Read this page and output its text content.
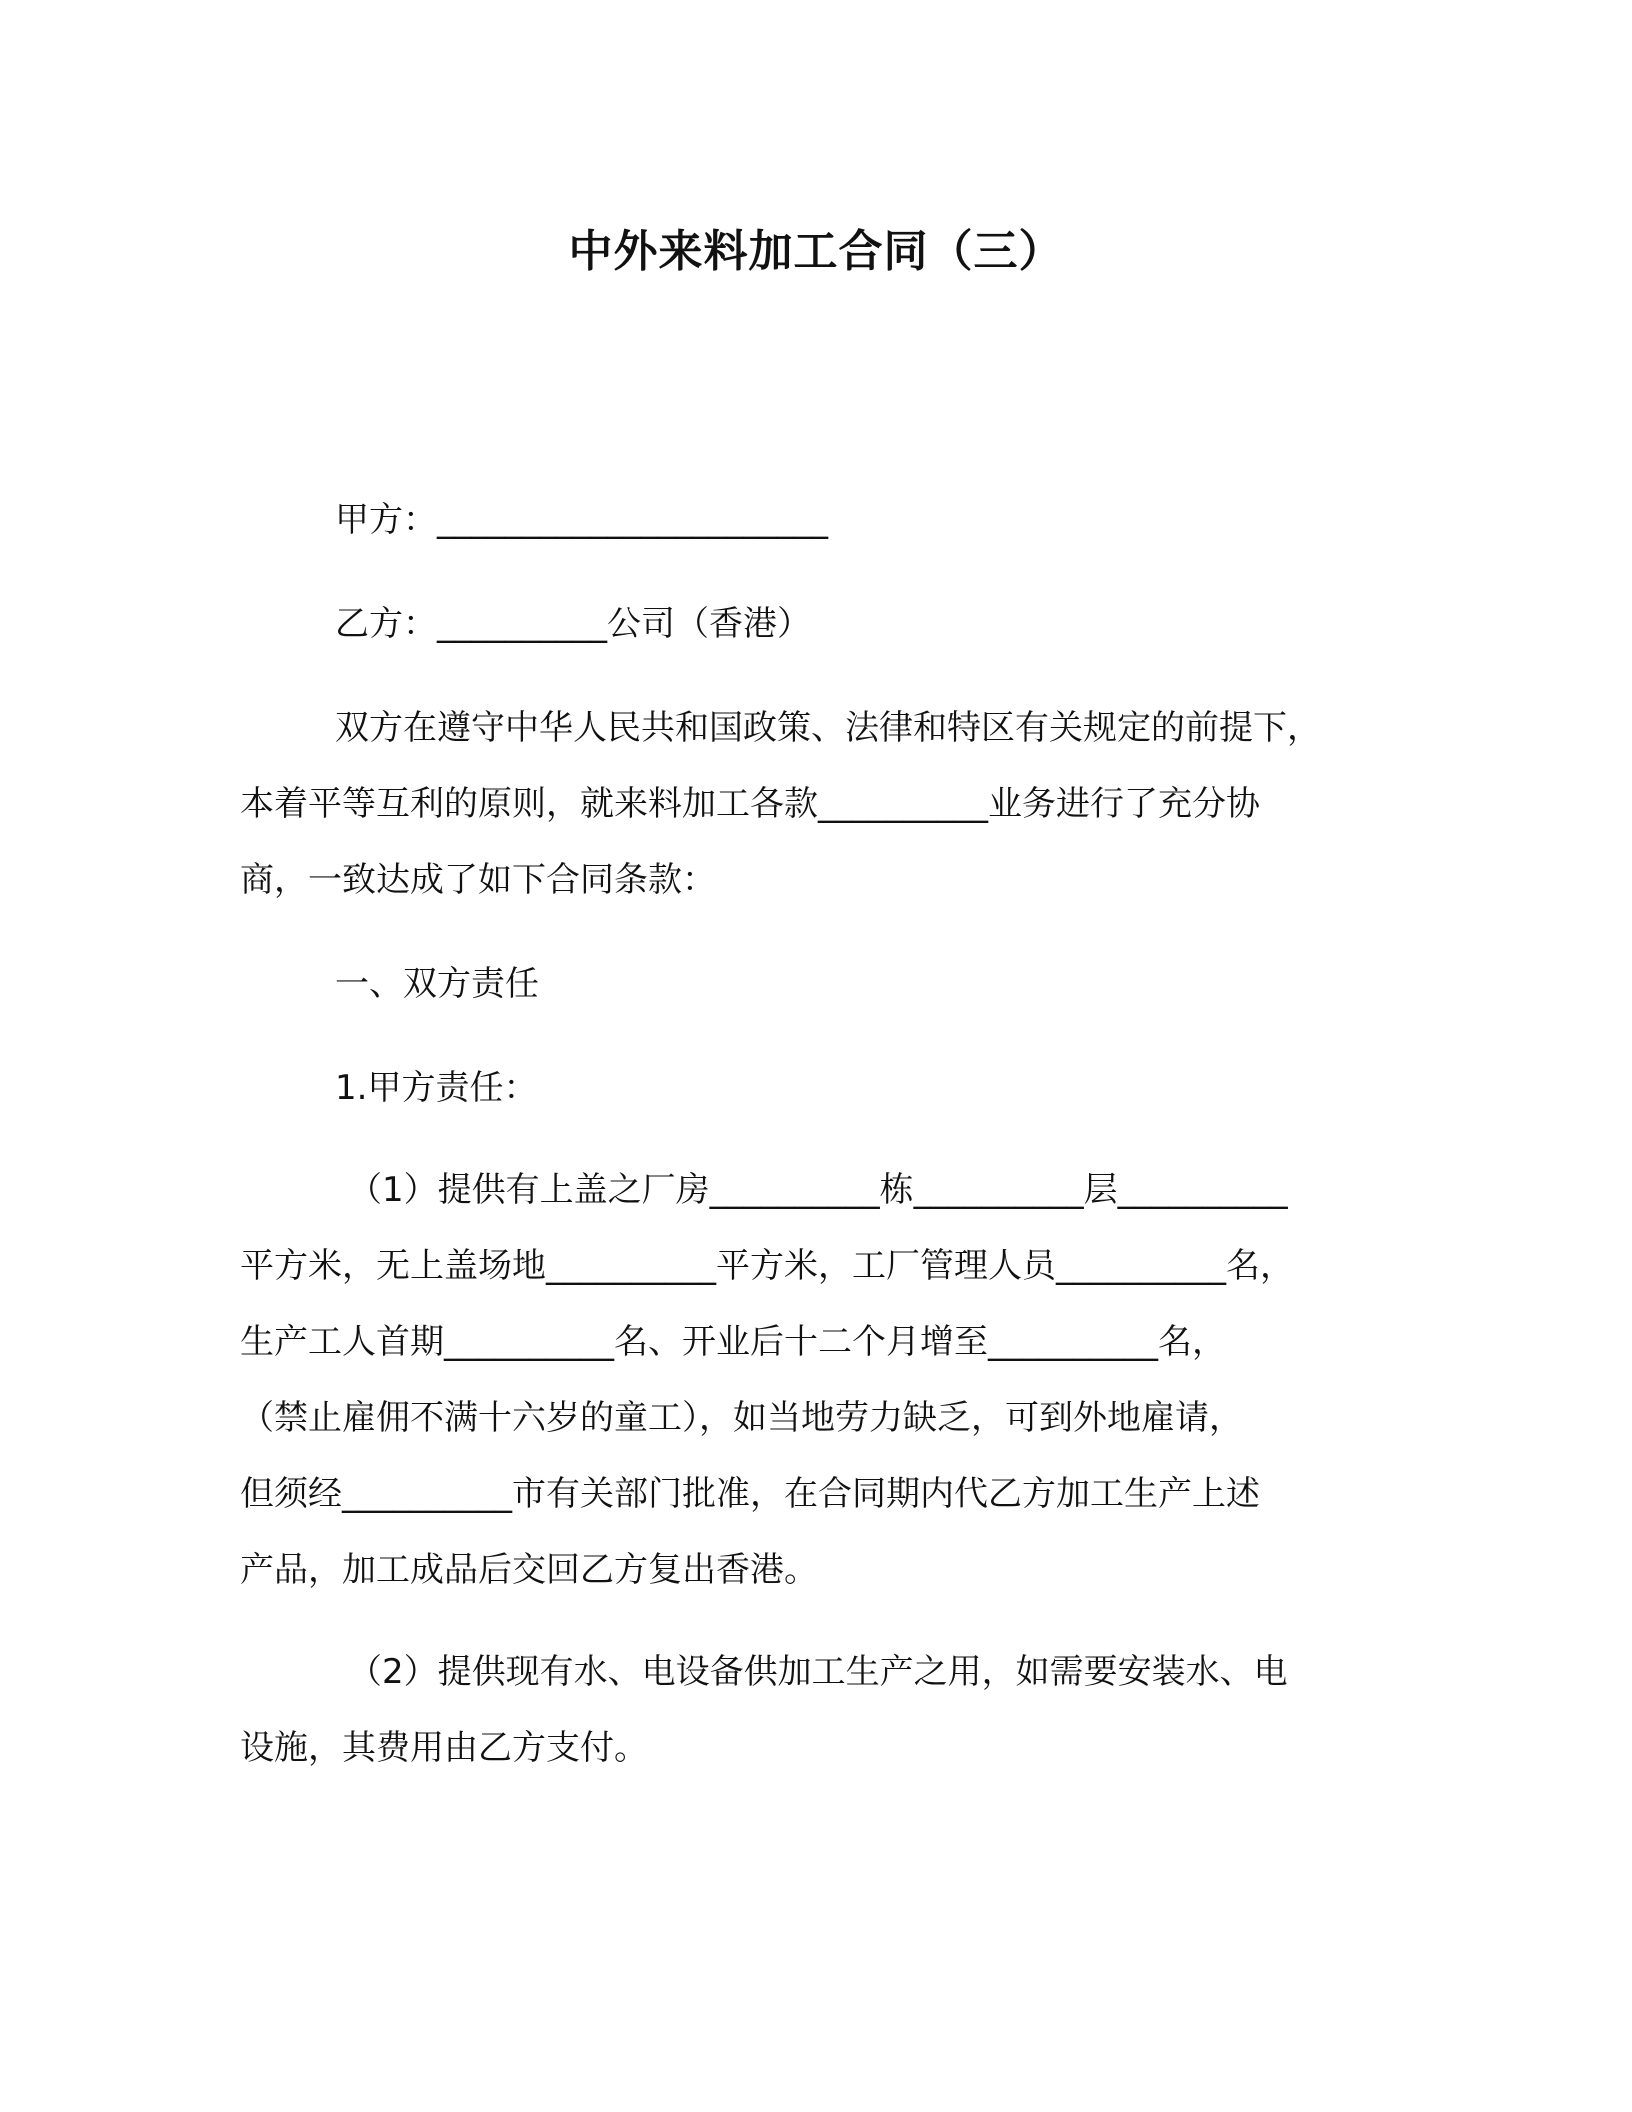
中外来料加工合同（三）
甲方：_______________________
乙方：__________公司（香港）
双方在遵守中华人民共和国政策、法律和特区有关规定的前提下，
本着平等互利的原则，就来料加工各款__________业务进行了充分协
商，一致达成了如下合同条款：
一、双方责任
1.甲方责任：
（1）提供有上盖之厂房__________栋__________层__________
平方米，无上盖场地__________平方米，工厂管理人员__________名，
生产工人首期__________名、开业后十二个月增至__________名，
（禁止雇佣不满十六岁的童工），如当地劳力缺乏，可到外地雇请，
但须经__________市有关部门批准，在合同期内代乙方加工生产上述
产品，加工成品后交回乙方复出香港。
（2）提供现有水、电设备供加工生产之用，如需要安装水、电
设施，其费用由乙方支付。
